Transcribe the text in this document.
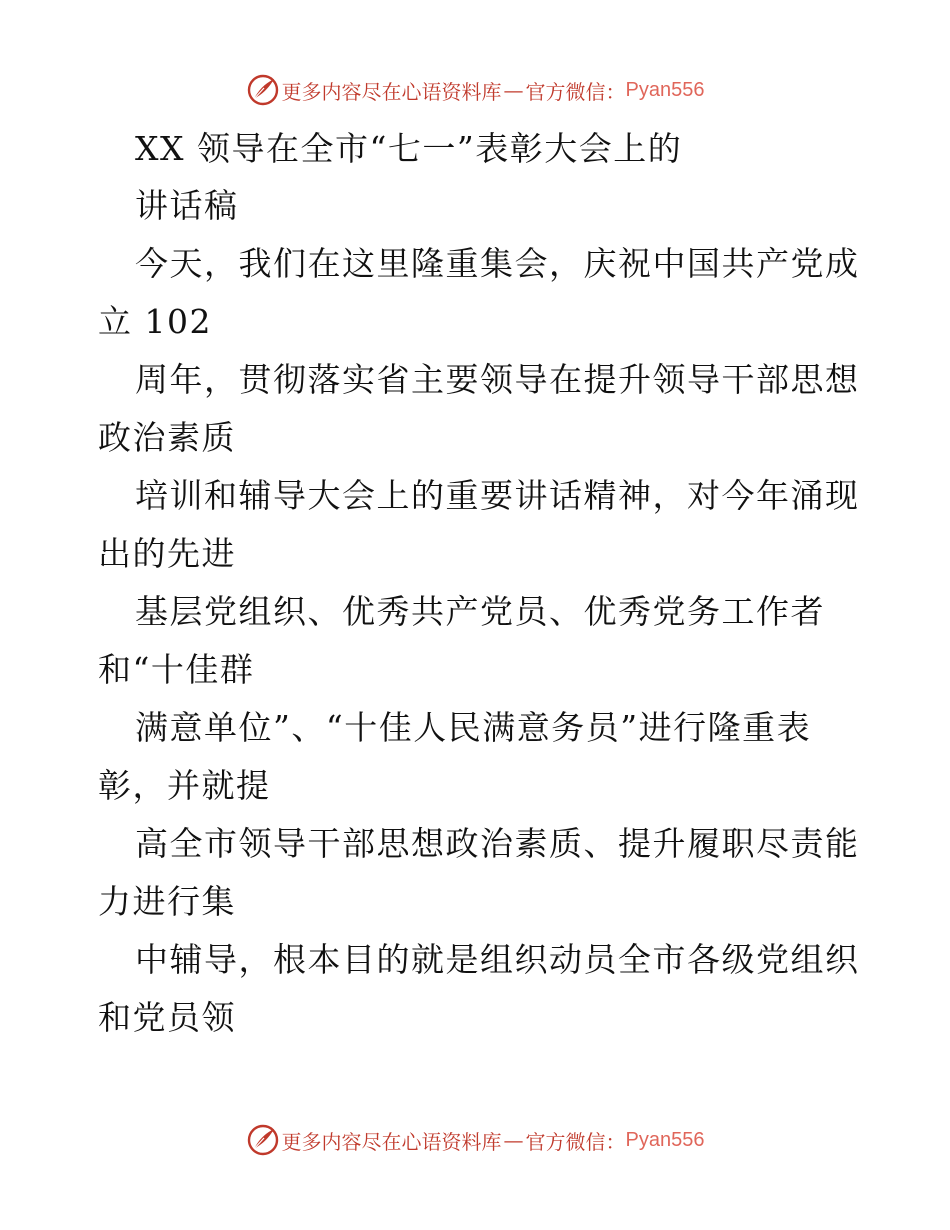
更多内容尽在心语资料库 — 官方微信： Pyan556
XX 领导在全市“七一”表彰大会上的
讲话稿
今天，我们在这里隆重集会，庆祝中国共产党成
立 102
周年，贯彻落实省主要领导在提升领导干部思想
政治素质
培训和辅导大会上的重要讲话精神，对今年涌现
出的先进
基层党组织、优秀共产党员、优秀党务工作者
和“十佳群
满意单位”、“十佳人民满意务员”进行隆重表
彰，并就提
高全市领导干部思想政治素质、提升履职尽责能
力进行集
中辅导，根本目的就是组织动员全市各级党组织
和党员领
更多内容尽在心语资料库 — 官方微信： Pyan556
